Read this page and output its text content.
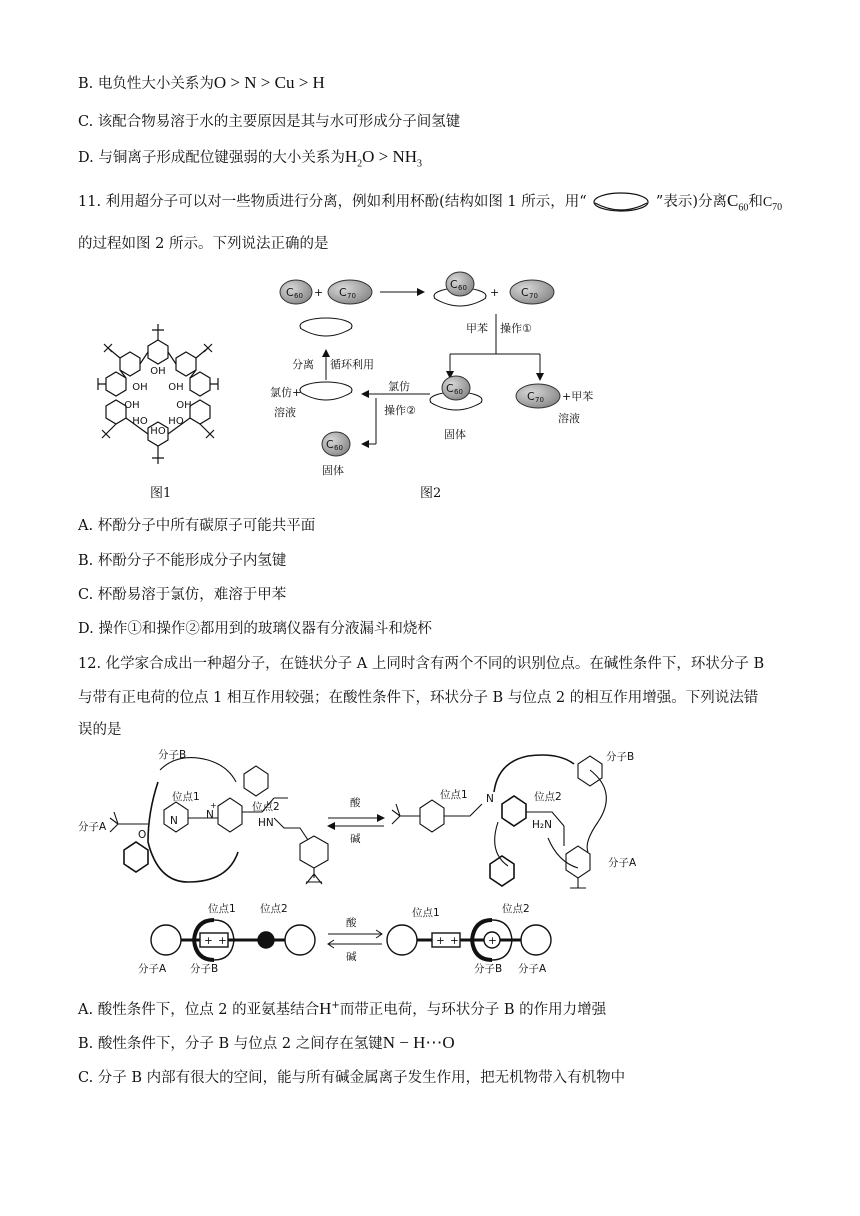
B. 电负性大小关系为O > N > Cu > H
C. 该配合物易溶于水的主要原因是其与水可形成分子间氢键
D. 与铜离子形成配位键强弱的大小关系为$H_2O > NH_3$
11. 利用超分子可以对一些物质进行分离，例如利用杯酚(结构如图 1 所示，用“	”表示)分离$C_{60}$和$C_{70}$
的过程如图 2 所示。下列说法正确的是
OH
OH
OH
OH	OH
HO
HO
HO
图1
C 60 + C 70
C 60 + C 70
甲苯 操作①
分离 循环利用
氯仿+
溶液
氯仿
操作②
C 60
固体
C 70 +甲苯
溶液
C 60
固体
图2
A. 杯酚分子中所有碳原子可能共平面
B. 杯酚分子不能形成分子内氢键
C. 杯酚易溶于氯仿，难溶于甲苯
D. 操作①和操作②都用到的玻璃仪器有分液漏斗和烧杯
12. 化学家合成出一种超分子，在链状分子 A 上同时含有两个不同的识别位点。在碱性条件下，环状分子 B
与带有正电荷的位点 1 相互作用较强；在酸性条件下，环状分子 B 与位点 2 的相互作用增强。下列说法错
误的是
分子B
分子A
位点1
位点2
N
+
N	HN
O
酸
碱
位点1	位点2
N
H₂N
分子B
分子A
+ +	+ +	+
位点1 位点2
分子A 分子B
酸
碱
位点1	位点2
分子B 分子A
A. 酸性条件下，位点 2 的亚氨基结合H+而带正电荷，与环状分子 B 的作用力增强
B. 酸性条件下，分子 B 与位点 2 之间存在氢键N − H⋯O
C. 分子 B 内部有很大的空间，能与所有碱金属离子发生作用，把无机物带入有机物中
